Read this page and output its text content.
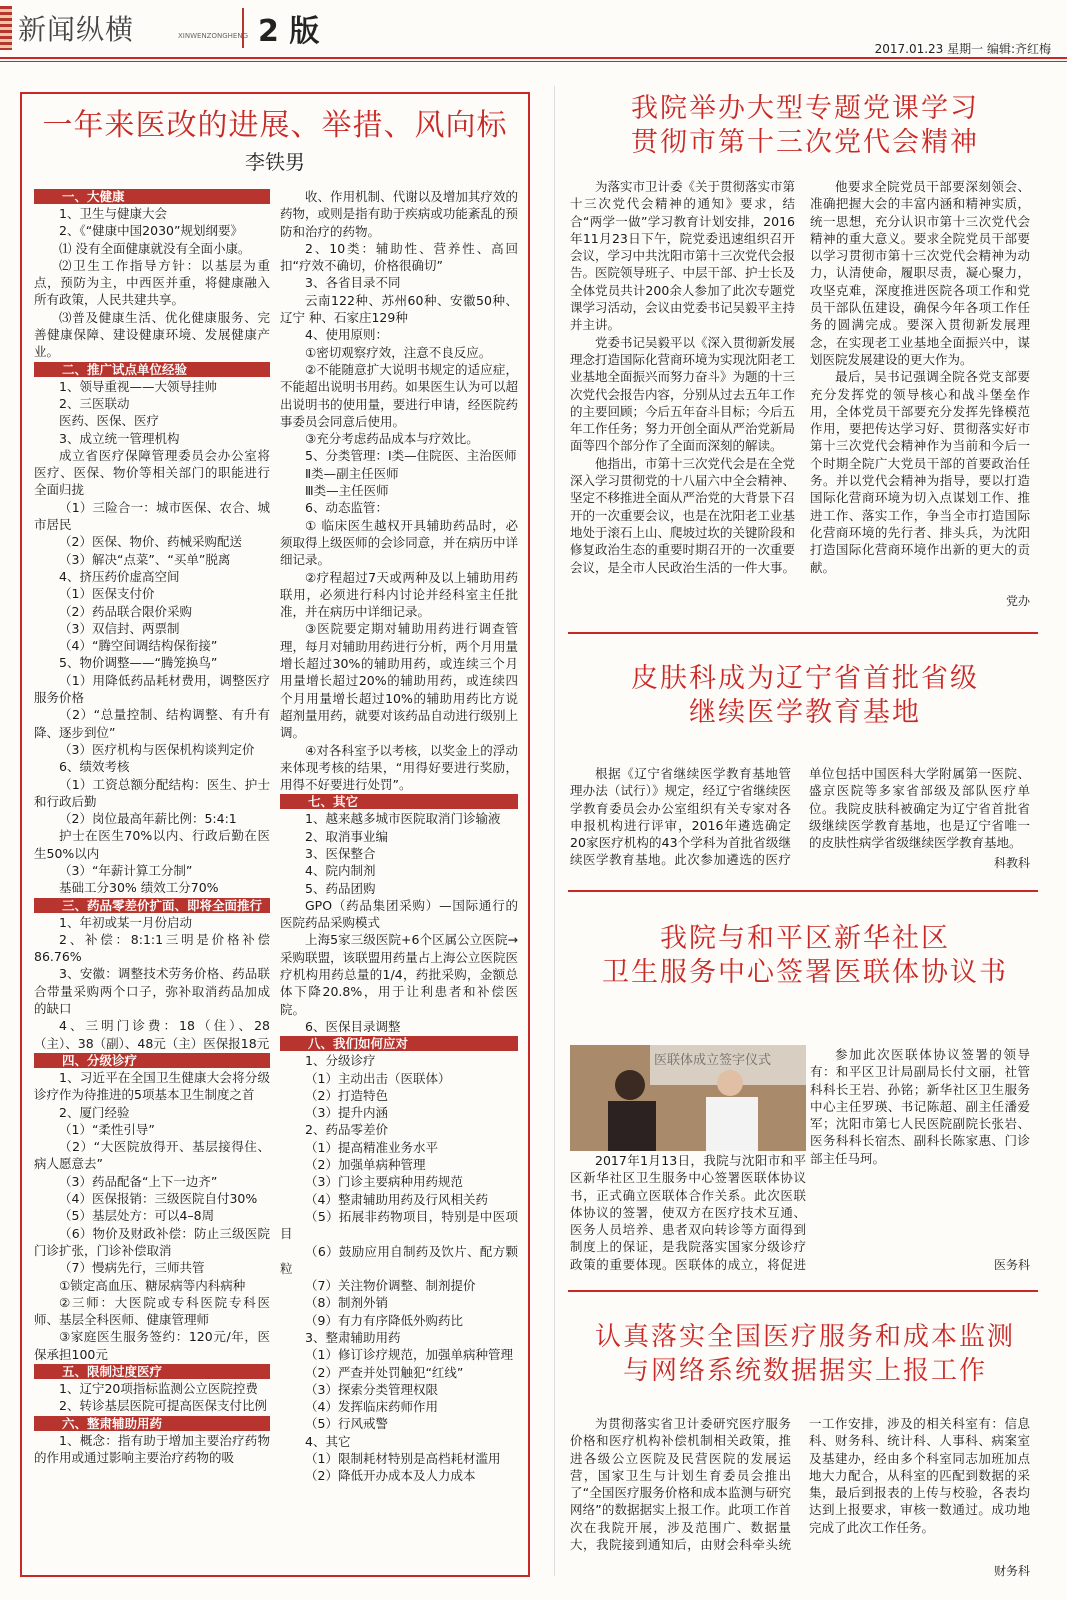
新闻纵横	XINWENZONGHENG 2 版	2017.01.23 星期一 编辑:齐红梅
一年来医改的进展、举措、风向标
李铁男
一、大健康
1、卫生与健康大会
2、《“健康中国2030”规划纲要》
⑴ 没有全面健康就没有全面小康。
⑵卫生工作指导方针：以基层为重点，预防为主，中西医并重，将健康融入所有政策，人民共建共享。
⑶普及健康生活、优化健康服务、完善健康保障、建设健康环境、发展健康产业。
二、推广试点单位经验
1、领导重视——大领导挂帅
2、三医联动
医药、医保、医疗
3、成立统一管理机构
成立省医疗保障管理委员会办公室将医疗、医保、物价等相关部门的职能进行全面归拢
（1）三险合一：城市医保、农合、城市居民
（2）医保、物价、药械采购配送
（3）解决“点菜”、“买单”脱离
4、挤压药价虚高空间
（1）医保支付价
（2）药品联合限价采购
（3）双信封、两票制
（4）“腾空间调结构保衔接”
5、物价调整——“腾笼换鸟”
（1）用降低药品耗材费用，调整医疗服务价格
（2）“总量控制、结构调整、有升有降、逐步到位”
（3）医疗机构与医保机构谈判定价
6、绩效考核
（1）工资总额分配结构：医生、护士和行政后勤
（2）岗位最高年薪比例：5:4:1
护士在医生70%以内、行政后勤在医生50%以内
（3）“年薪计算工分制”
基础工分30% 绩效工分70%
三、药品零差价扩面、即将全面推行
1、年初或某一月份启动
2、补偿：8:1:1三明是价格补偿86.76%
3、安徽：调整技术劳务价格、药品联合带量采购两个口子，弥补取消药品加成的缺口
4、三明门诊费：18（住）、28（主）、38（副）、48元（主）医保报18元
四、分级诊疗
1、习近平在全国卫生健康大会将分级诊疗作为待推进的5项基本卫生制度之首
2、厦门经验
（1）“柔性引导”
（2）“大医院放得开、基层接得住、病人愿意去”
（3）药品配备“上下一边齐”
（4）医保报销：三级医院自付30%
（5）基层处方：可以4–8周
（6）物价及财政补偿：防止三级医院门诊扩张，门诊补偿取消
（7）慢病先行，三师共管
①锁定高血压、糖尿病等内科病种
②三师：大医院或专科医院专科医师、基层全科医师、健康管理师
③家庭医生服务签约：120元/年，医保承担100元
五、限制过度医疗
1、辽宁20项指标监测公立医院控费
2、转诊基层医院可提高医保支付比例
六、整肃辅助用药
1、概念：指有助于增加主要治疗药物的作用或通过影响主要治疗药物的吸
收、作用机制、代谢以及增加其疗效的药物，或则是指有助于疾病或功能紊乱的预防和治疗的药物。
2、10类：辅助性、营养性、高回扣“疗效不确切，价格很确切”
3、各省目录不同
云南122种、苏州60种、安徽50种、辽宁 种、石家庄129种
4、使用原则：
①密切观察疗效，注意不良反应。
②不能随意扩大说明书规定的适应症，不能超出说明书用药。如果医生认为可以超出说明书的使用量，要进行申请，经医院药事委员会同意后使用。
③充分考虑药品成本与疗效比。
5、分类管理：Ⅰ类—住院医、主治医师
Ⅱ类—副主任医师
Ⅲ类—主任医师
6、动态监管：
① 临床医生越权开具辅助药品时，必须取得上级医师的会诊同意，并在病历中详细记录。
②疗程超过7天或两种及以上辅助用药联用，必须进行科内讨论并经科室主任批准，并在病历中详细记录。
③医院要定期对辅助用药进行调查管理，每月对辅助用药进行分析，两个月用量增长超过30%的辅助用药，或连续三个月用量增长超过20%的辅助用药，或连续四个月用量增长超过10%的辅助用药比方说超剂量用药，就要对该药品自动进行级别上调。
④对各科室予以考核，以奖金上的浮动来体现考核的结果，“用得好要进行奖励，用得不好要进行处罚”。
七、其它
1、越来越多城市医院取消门诊输液
2、取消事业编
3、医保整合
4、院内制剂
5、药品团购
GPO（药品集团采购）—国际通行的医院药品采购模式
上海5家三级医院+6个区属公立医院→采购联盟，该联盟用药量占上海公立医院医疗机构用药总量的1/4，药批采购，金额总体下降20.8%，用于让利患者和补偿医院。
6、医保目录调整
八、我们如何应对
1、分级诊疗
（1）主动出击（医联体）
（2）打造特色
（3）提升内涵
2、药品零差价
（1）提高精准业务水平
（2）加强单病种管理
（3）门诊主要病种用药规范
（4）整肃辅助用药及行风相关药
（5）拓展非药物项目，特别是中医项目
（6）鼓励应用自制药及饮片、配方颗粒
（7）关注物价调整、制剂提价
（8）制剂外销
（9）有力有序降低外购药比
3、整肃辅助用药
（1）修订诊疗规范，加强单病种管理
（2）严查并处罚触犯“红线”
（3）探索分类管理权限
（4）发挥临床药师作用
（5）行风戒警
4、其它
（1）限制耗材特别是高档耗材滥用
（2）降低开办成本及人力成本
我院举办大型专题党课学习
贯彻市第十三次党代会精神

为落实市卫计委《关于贯彻落实市第十三次党代会精神的通知》要求，结合“两学一做”学习教育计划安排，2016年11月23日下午，院党委迅速组织召开会议，学习中共沈阳市第十三次党代会报告。医院领导班子、中层干部、护士长及全体党员共计200余人参加了此次专题党课学习活动，会议由党委书记吴毅平主持并主讲。

党委书记吴毅平以《深入贯彻新发展理念打造国际化营商环境为实现沈阳老工业基地全面振兴而努力奋斗》为题的十三次党代会报告内容，分别从过去五年工作的主要回顾；今后五年奋斗目标；今后五年工作任务；努力开创全面从严治党新局面等四个部分作了全面而深刻的解读。

他指出，市第十三次党代会是在全党深入学习贯彻党的十八届六中全会精神、坚定不移推进全面从严治党的大背景下召开的一次重要会议，也是在沈阳老工业基地处于滚石上山、爬坡过坎的关键阶段和修复政治生态的重要时期召开的一次重要会议，是全市人民政治生活的一件大事。

他要求全院党员干部要深刻领会、准确把握大会的丰富内涵和精神实质，统一思想，充分认识市第十三次党代会精神的重大意义。要求全院党员干部要以学习贯彻市第十三次党代会精神为动力，认清使命，履职尽责，凝心聚力，攻坚克难，深度推进医院各项工作和党员干部队伍建设，确保今年各项工作任务的圆满完成。要深入贯彻新发展理念，在实现老工业基地全面振兴中，谋划医院发展建设的更大作为。

最后，吴书记强调全院各党支部要充分发挥党的领导核心和战斗堡垒作用，全体党员干部要充分发挥先锋模范作用，要把传达学习好、贯彻落实好市第十三次党代会精神作为当前和今后一个时期全院广大党员干部的首要政治任务。并以党代会精神为指导，要以打造国际化营商环境为切入点谋划工作、推进工作、落实工作，争当全市打造国际化营商环境的先行者、排头兵，为沈阳打造国际化营商环境作出新的更大的贡献。

党办
皮肤科成为辽宁省首批省级
继续医学教育基地

根据《辽宁省继续医学教育基地管理办法（试行）》规定，经辽宁省继续医学教育委员会办公室组织有关专家对各申报机构进行评审，2016年遴选确定20家医疗机构的43个学科为首批省级继续医学教育基地。此次参加遴选的医疗单位包括中国医科大学附属第一医院、盛京医院等多家省部级及部队医疗单位。我院皮肤科被确定为辽宁省首批省级继续医学教育基地，也是辽宁省唯一的皮肤性病学省级继续医学教育基地。

科教科
我院与和平区新华社区
卫生服务中心签署医联体协议书
医联体成立签字仪式

2017年1月13日，我院与沈阳市和平区新华社区卫生服务中心签署医联体协议书，正式确立医联体合作关系。此次医联体协议的签署，使双方在医疗技术互通、医务人员培养、患者双向转诊等方面得到制度上的保证，是我院落实国家分级诊疗政策的重要体现。医联体的成立，将促进

参加此次医联体协议签署的领导有：和平区卫计局副局长付文丽，社管科科长王岩、孙铭；新华社区卫生服务中心主任罗瑛、书记陈超、副主任潘爱军；沈阳市第七人民医院副院长张岩、医务科科长宿杰、副科长陈家惠、门诊部主任马珂。

医务科
认真落实全国医疗服务和成本监测
与网络系统数据据实上报工作

为贯彻落实省卫计委研究医疗服务价格和医疗机构补偿机制相关政策，推进各级公立医院及民营医院的发展运营，国家卫生与计划生育委员会推出了“全国医疗服务价格和成本监测与研究网络”的数据据实上报工作。此项工作首次在我院开展，涉及范围广、数据量大，我院接到通知后，由财会科牵头统一工作安排，涉及的相关科室有：信息科、财务科、统计科、人事科、病案室及基建办，经由多个科室同志加班加点地大力配合，从科室的匹配到数据的采集，最后到报表的上传与校验，各表均达到上报要求，审核一数通过。成功地完成了此次工作任务。

财务科
